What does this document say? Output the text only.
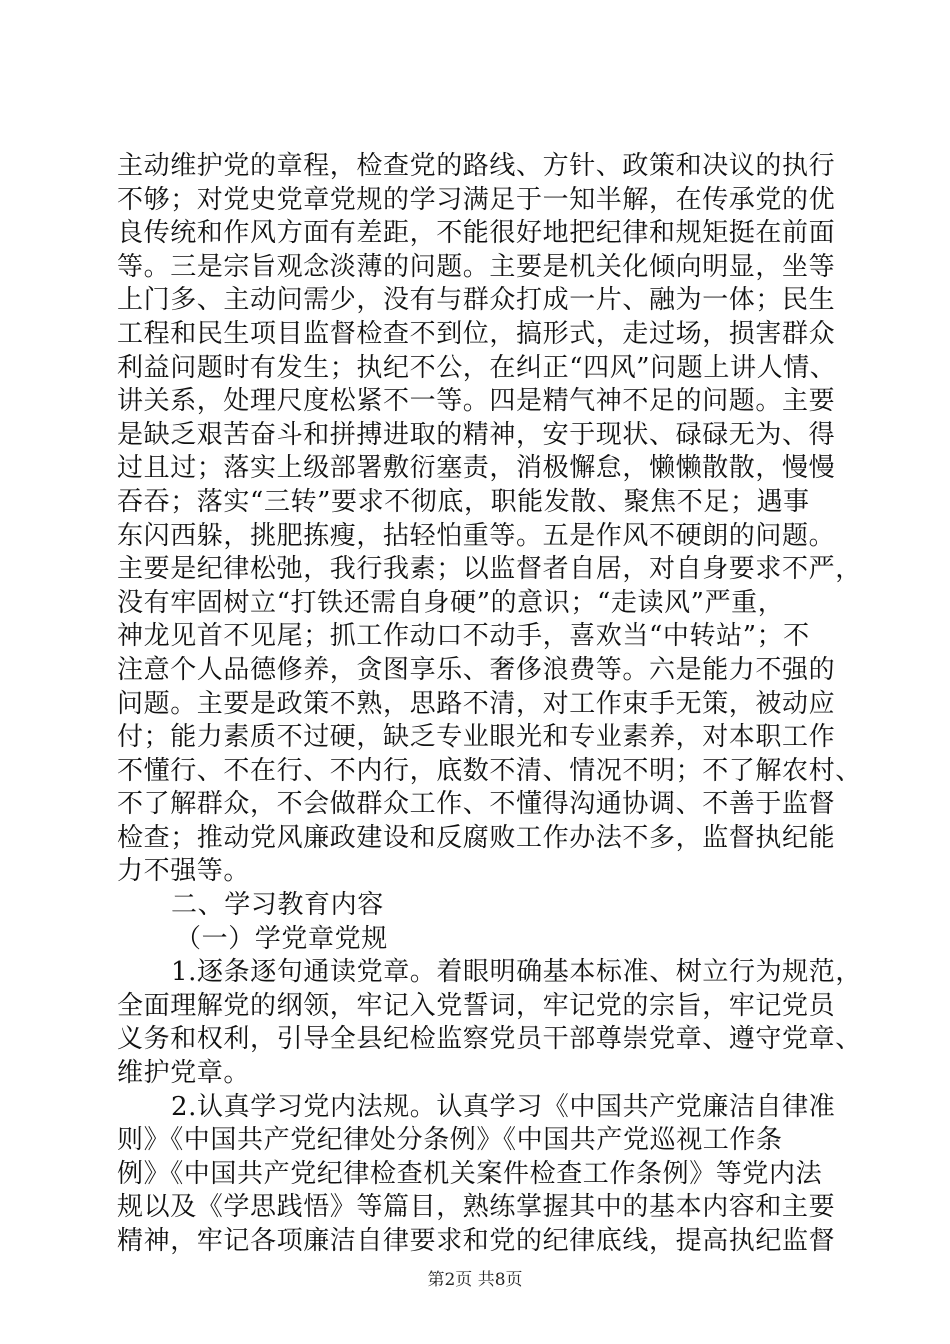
主动维护党的章程，检查党的路线、方针、政策和决议的执行
不够；对党史党章党规的学习满足于一知半解，在传承党的优
良传统和作风方面有差距，不能很好地把纪律和规矩挺在前面
等。三是宗旨观念淡薄的问题。主要是机关化倾向明显，坐等
上门多、主动问需少，没有与群众打成一片、融为一体；民生
工程和民生项目监督检查不到位，搞形式，走过场，损害群众
利益问题时有发生；执纪不公，在纠正“四风”问题上讲人情、
讲关系，处理尺度松紧不一等。四是精气神不足的问题。主要
是缺乏艰苦奋斗和拼搏进取的精神，安于现状、碌碌无为、得
过且过；落实上级部署敷衍塞责，消极懈怠，懒懒散散，慢慢
吞吞；落实“三转”要求不彻底，职能发散、聚焦不足；遇事
东闪西躲，挑肥拣瘦，拈轻怕重等。五是作风不硬朗的问题。
主要是纪律松弛，我行我素；以监督者自居，对自身要求不严，
没有牢固树立“打铁还需自身硬”的意识；“走读风”严重，
神龙见首不见尾；抓工作动口不动手，喜欢当“中转站”；不
注意个人品德修养，贪图享乐、奢侈浪费等。六是能力不强的
问题。主要是政策不熟，思路不清，对工作束手无策，被动应
付；能力素质不过硬，缺乏专业眼光和专业素养，对本职工作
不懂行、不在行、不内行，底数不清、情况不明；不了解农村、
不了解群众，不会做群众工作、不懂得沟通协调、不善于监督
检查；推动党风廉政建设和反腐败工作办法不多，监督执纪能
力不强等。
二、学习教育内容
（一）学党章党规
1.逐条逐句通读党章。着眼明确基本标准、树立行为规范，
全面理解党的纲领，牢记入党誓词，牢记党的宗旨，牢记党员
义务和权利，引导全县纪检监察党员干部尊崇党章、遵守党章、
维护党章。
2.认真学习党内法规。认真学习《中国共产党廉洁自律准
则》《中国共产党纪律处分条例》《中国共产党巡视工作条
例》《中国共产党纪律检查机关案件检查工作条例》等党内法
规以及《学思践悟》等篇目，熟练掌握其中的基本内容和主要
精神，牢记各项廉洁自律要求和党的纪律底线，提高执纪监督
第2页 共8页
